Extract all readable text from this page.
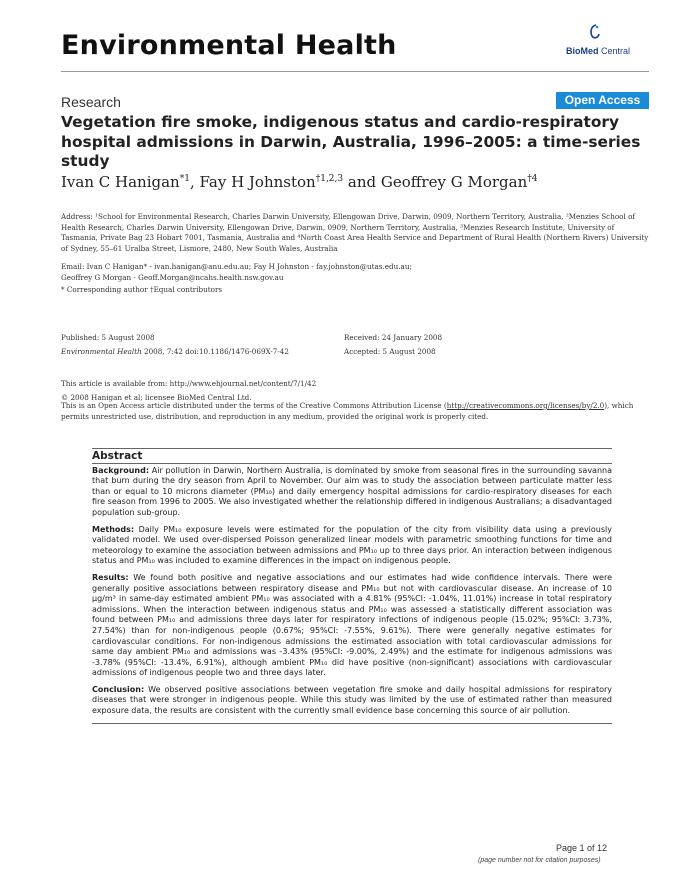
Environmental Health	BioMed Central
Research	Open Access
Vegetation fire smoke, indigenous status and cardio-respiratory hospital admissions in Darwin, Australia, 1996–2005: a time-series study
Ivan C Hanigan$^{*1}$, Fay H Johnston$^{\dagger 1,2,3}$ and Geoffrey G Morgan$^{\dagger 4}$
Address: ¹School for Environmental Research, Charles Darwin University, Ellengowan Drive, Darwin, 0909, Northern Territory, Australia, ²Menzies School of Health Research, Charles Darwin University, Ellengowan Drive, Darwin, 0909, Northern Territory, Australia, ³Menzies Research Institute, University of Tasmania, Private Bag 23 Hobart 7001, Tasmania, Australia and ⁴North Coast Area Health Service and Department of Rural Health (Northern Rivers) University of Sydney, 55–61 Uralba Street, Lismore, 2480, New South Wales, Australia
Email: Ivan C Hanigan* - ivan.hanigan@anu.edu.au; Fay H Johnston - fay.johnston@utas.edu.au;
Geoffrey G Morgan - Geoff.Morgan@ncahs.health.nsw.gov.au
* Corresponding author †Equal contributors
Published: 5 August 2008
Environmental Health 2008, 7:42 doi:10.1186/1476-069X-7-42
Received: 24 January 2008
Accepted: 5 August 2008
This article is available from: http://www.ehjournal.net/content/7/1/42
© 2008 Hanigan et al; licensee BioMed Central Ltd.
This is an Open Access article distributed under the terms of the Creative Commons Attribution License (http://creativecommons.org/licenses/by/2.0), which permits unrestricted use, distribution, and reproduction in any medium, provided the original work is properly cited.
Abstract

Background: Air pollution in Darwin, Northern Australia, is dominated by smoke from seasonal fires in the surrounding savanna that burn during the dry season from April to November. Our aim was to study the association between particulate matter less than or equal to 10 microns diameter (PM₁₀) and daily emergency hospital admissions for cardio-respiratory diseases for each fire season from 1996 to 2005. We also investigated whether the relationship differed in indigenous Australians; a disadvantaged population sub-group.

Methods: Daily PM₁₀ exposure levels were estimated for the population of the city from visibility data using a previously validated model. We used over-dispersed Poisson generalized linear models with parametric smoothing functions for time and meteorology to examine the association between admissions and PM₁₀ up to three days prior. An interaction between indigenous status and PM₁₀ was included to examine differences in the impact on indigenous people.

Results: We found both positive and negative associations and our estimates had wide confidence intervals. There were generally positive associations between respiratory disease and PM₁₀ but not with cardiovascular disease. An increase of 10 μg/m³ in same-day estimated ambient PM₁₀ was associated with a 4.81% (95%CI: -1.04%, 11.01%) increase in total respiratory admissions. When the interaction between indigenous status and PM₁₀ was assessed a statistically different association was found between PM₁₀ and admissions three days later for respiratory infections of indigenous people (15.02%; 95%CI: 3.73%, 27.54%) than for non-indigenous people (0.67%; 95%CI: -7.55%, 9.61%). There were generally negative estimates for cardiovascular conditions. For non-indigenous admissions the estimated association with total cardiovascular admissions for same day ambient PM₁₀ and admissions was -3.43% (95%CI: -9.00%, 2.49%) and the estimate for indigenous admissions was -3.78% (95%CI: -13.4%, 6.91%), although ambient PM₁₀ did have positive (non-significant) associations with cardiovascular admissions of indigenous people two and three days later.

Conclusion: We observed positive associations between vegetation fire smoke and daily hospital admissions for respiratory diseases that were stronger in indigenous people. While this study was limited by the use of estimated rather than measured exposure data, the results are consistent with the currently small evidence base concerning this source of air pollution.

Page 1 of 12
(page number not for citation purposes)
